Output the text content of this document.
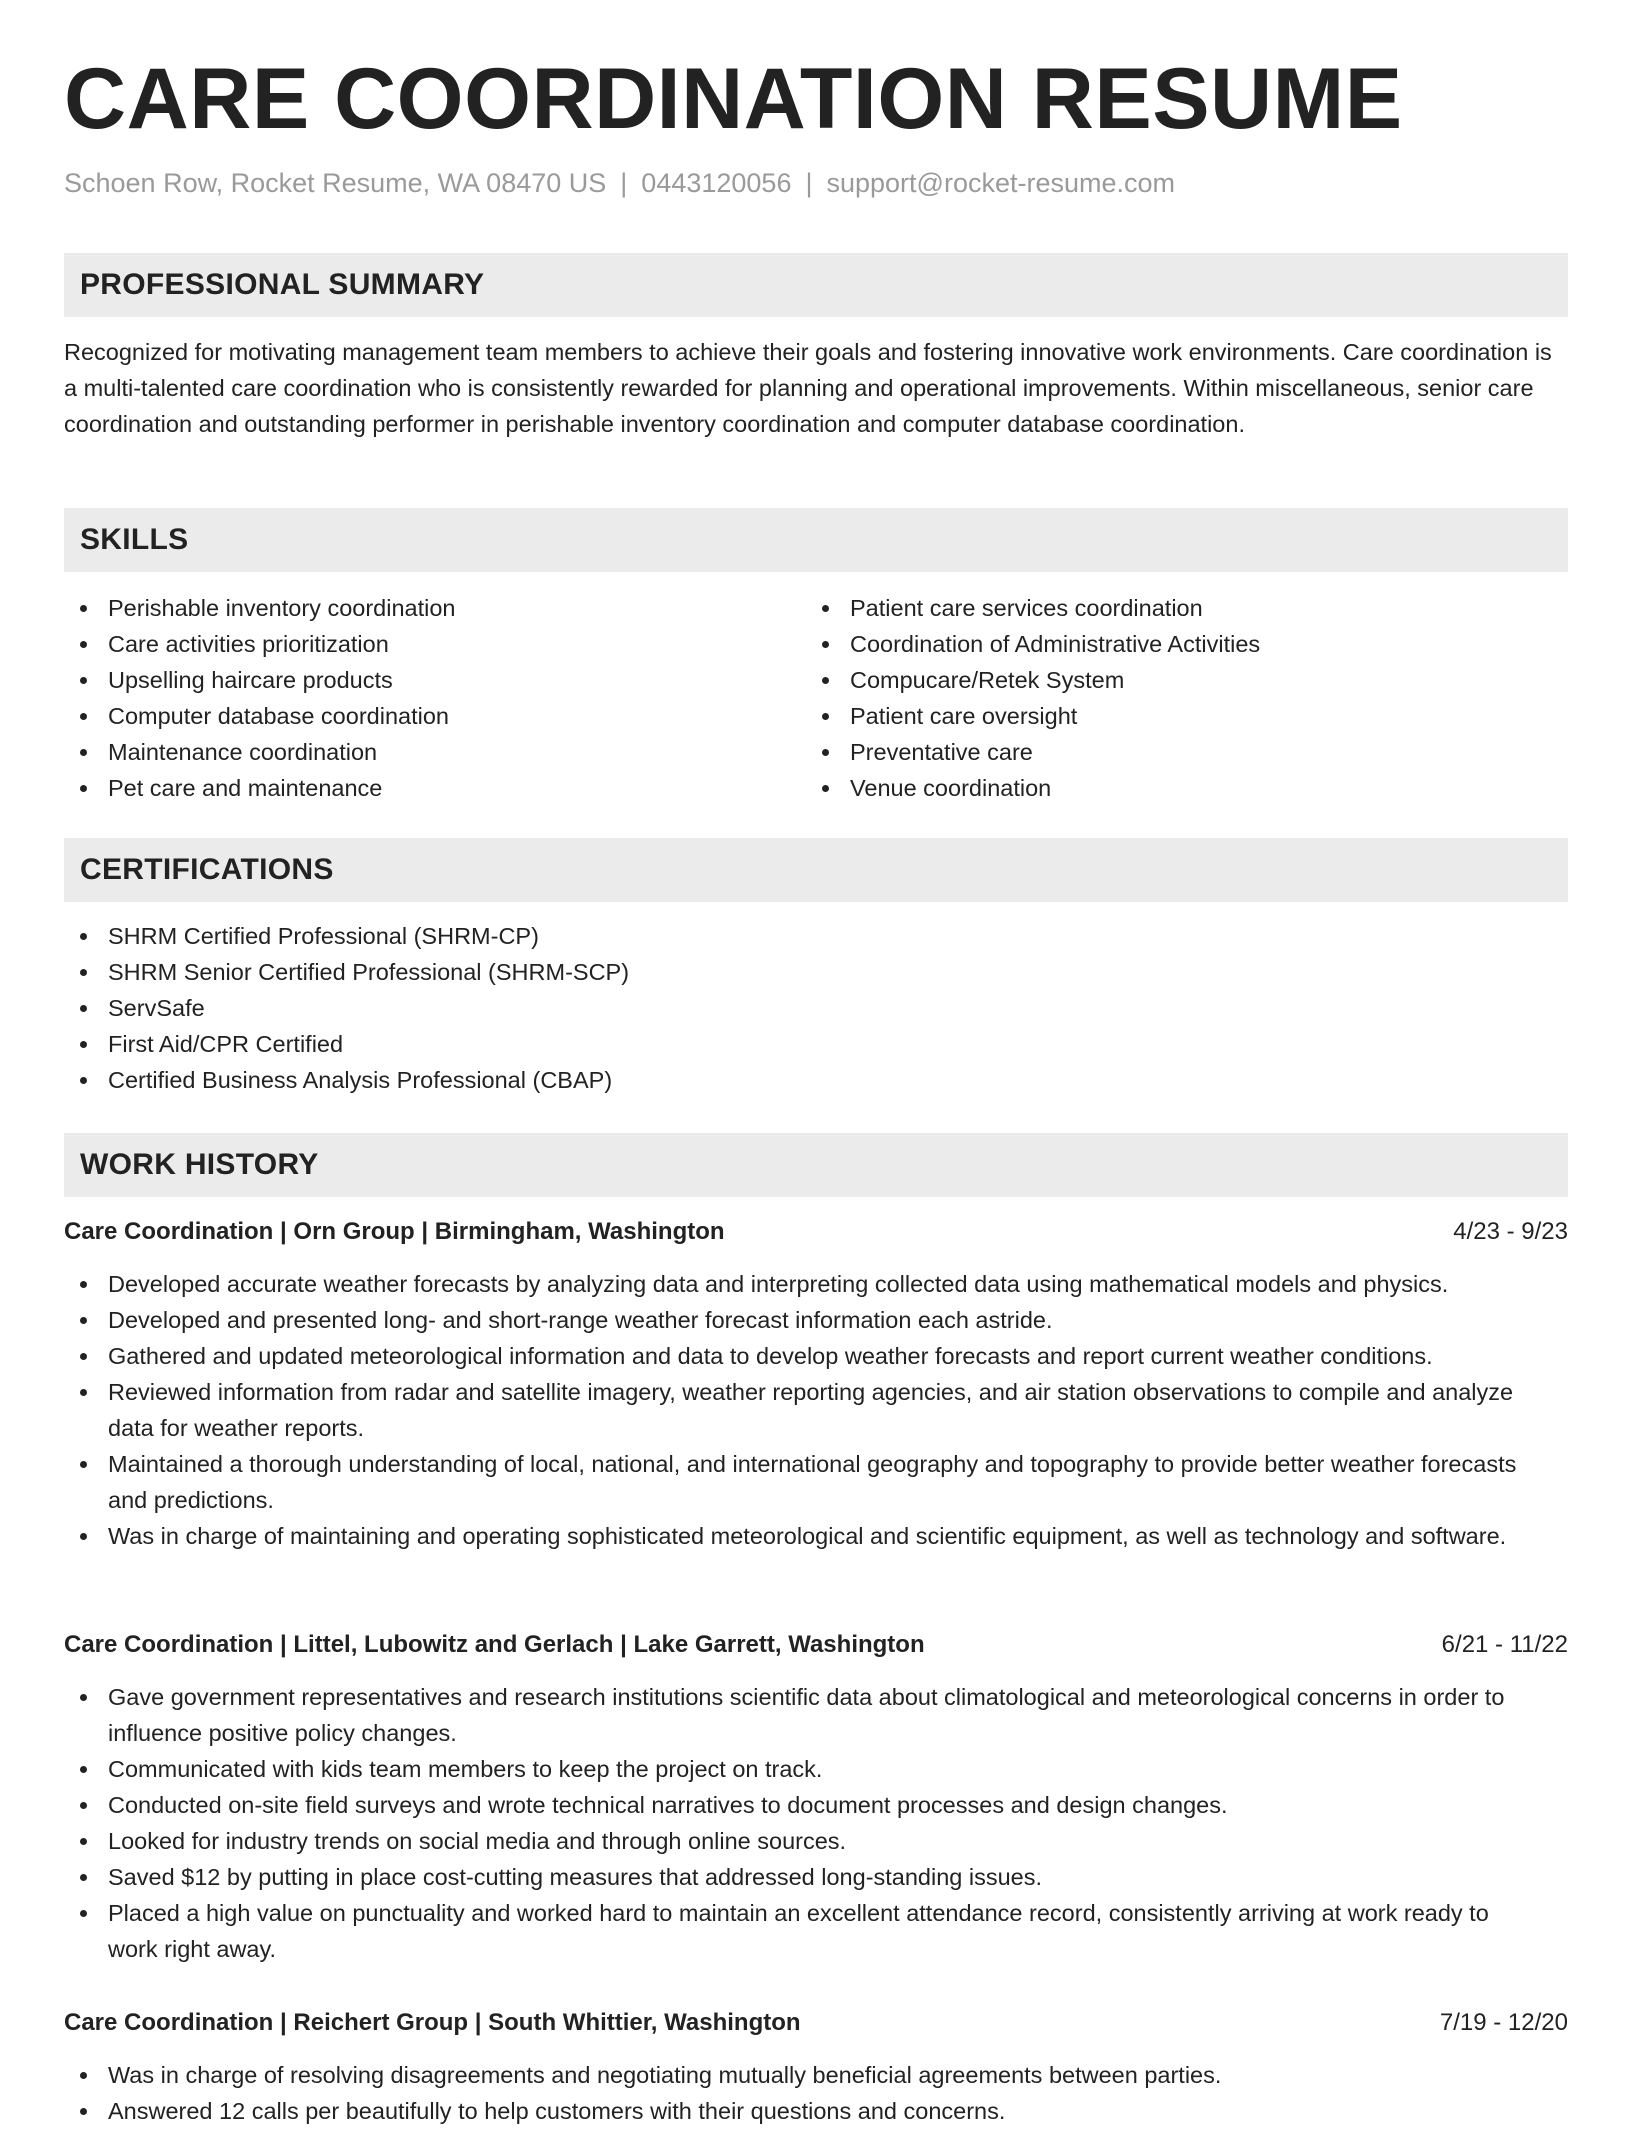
CARE COORDINATION RESUME
Schoen Row, Rocket Resume, WA 08470 US | 0443120056 | support@rocket-resume.com
PROFESSIONAL SUMMARY

Recognized for motivating management team members to achieve their goals and fostering innovative work environments. Care coordination is a multi-talented care coordination who is consistently rewarded for planning and operational improvements. Within miscellaneous, senior care coordination and outstanding performer in perishable inventory coordination and computer database coordination.

SKILLS
Perishable inventory coordination
Care activities prioritization
Upselling haircare products
Computer database coordination
Maintenance coordination
Pet care and maintenance
Patient care services coordination
Coordination of Administrative Activities
Compucare/Retek System
Patient care oversight
Preventative care
Venue coordination
CERTIFICATIONS
SHRM Certified Professional (SHRM-CP)
SHRM Senior Certified Professional (SHRM-SCP)
ServSafe
First Aid/CPR Certified
Certified Business Analysis Professional (CBAP)
WORK HISTORY
Care Coordination | Orn Group | Birmingham, Washington	4/23 - 9/23
Developed accurate weather forecasts by analyzing data and interpreting collected data using mathematical models and physics.
Developed and presented long- and short-range weather forecast information each astride.
Gathered and updated meteorological information and data to develop weather forecasts and report current weather conditions.
Reviewed information from radar and satellite imagery, weather reporting agencies, and air station observations to compile and analyze data for weather reports.
Maintained a thorough understanding of local, national, and international geography and topography to provide better weather forecasts and predictions.
Was in charge of maintaining and operating sophisticated meteorological and scientific equipment, as well as technology and software.
Care Coordination | Littel, Lubowitz and Gerlach | Lake Garrett, Washington	6/21 - 11/22
Gave government representatives and research institutions scientific data about climatological and meteorological concerns in order to influence positive policy changes.
Communicated with kids team members to keep the project on track.
Conducted on-site field surveys and wrote technical narratives to document processes and design changes.
Looked for industry trends on social media and through online sources.
Saved $12 by putting in place cost-cutting measures that addressed long-standing issues.
Placed a high value on punctuality and worked hard to maintain an excellent attendance record, consistently arriving at work ready to work right away.
Care Coordination | Reichert Group | South Whittier, Washington	7/19 - 12/20
Was in charge of resolving disagreements and negotiating mutually beneficial agreements between parties.
Answered 12 calls per beautifully to help customers with their questions and concerns.
